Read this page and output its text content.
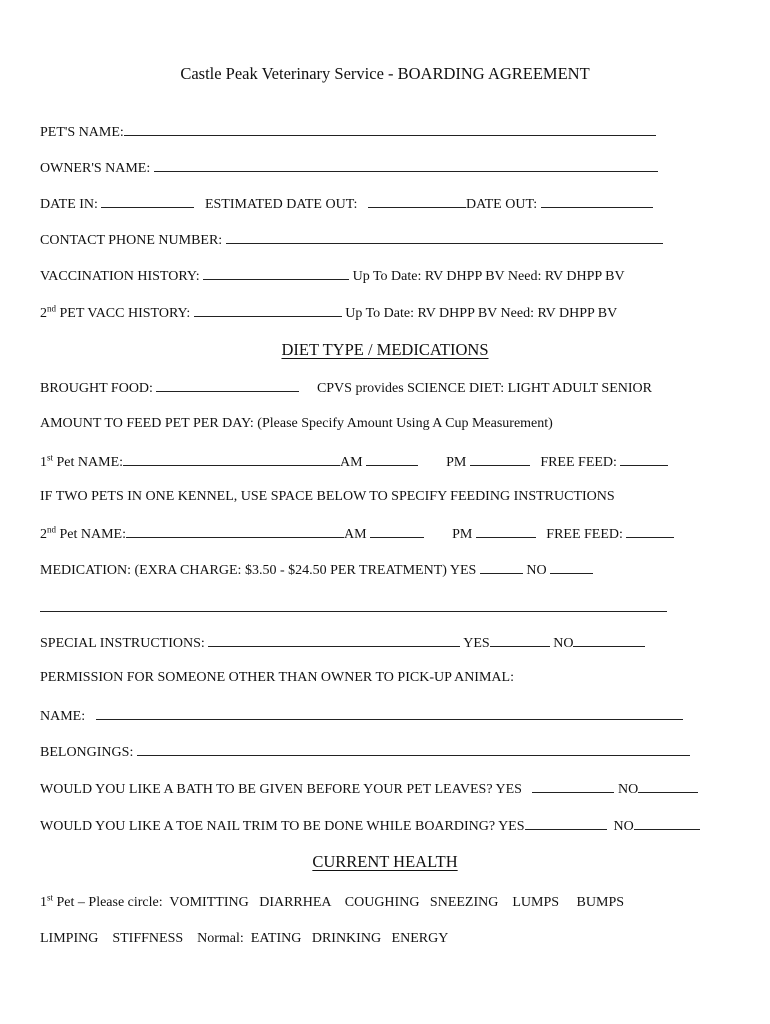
Castle Peak Veterinary Service - BOARDING AGREEMENT
PET'S NAME:
OWNER'S NAME:
DATE IN:	ESTIMATED DATE OUT:	DATE OUT:
CONTACT PHONE NUMBER:
VACCINATION HISTORY:	Up To Date: RV DHPP BV Need: RV DHPP BV
2nd PET VACC HISTORY:	Up To Date: RV DHPP BV Need: RV DHPP BV
DIET TYPE / MEDICATIONS
BROUGHT FOOD:	CPVS provides SCIENCE DIET: LIGHT ADULT SENIOR
AMOUNT TO FEED PET PER DAY: (Please Specify Amount Using A Cup Measurement)
1st Pet NAME:	AM	PM	FREE FEED:
IF TWO PETS IN ONE KENNEL, USE SPACE BELOW TO SPECIFY FEEDING INSTRUCTIONS
2nd Pet NAME:	AM	PM	FREE FEED:
MEDICATION: (EXRA CHARGE: $3.50 - $24.50 PER TREATMENT) YES	NO
SPECIAL INSTRUCTIONS:	YES	NO
PERMISSION FOR SOMEONE OTHER THAN OWNER TO PICK-UP ANIMAL:
NAME:
BELONGINGS:
WOULD YOU LIKE A BATH TO BE GIVEN BEFORE YOUR PET LEAVES? YES	NO
WOULD YOU LIKE A TOE NAIL TRIM TO BE DONE WHILE BOARDING? YES	NO
CURRENT HEALTH
1st Pet – Please circle:  VOMITTING   DIARRHEA    COUGHING   SNEEZING    LUMPS     BUMPS
LIMPING    STIFFNESS    Normal:  EATING   DRINKING   ENERGY
